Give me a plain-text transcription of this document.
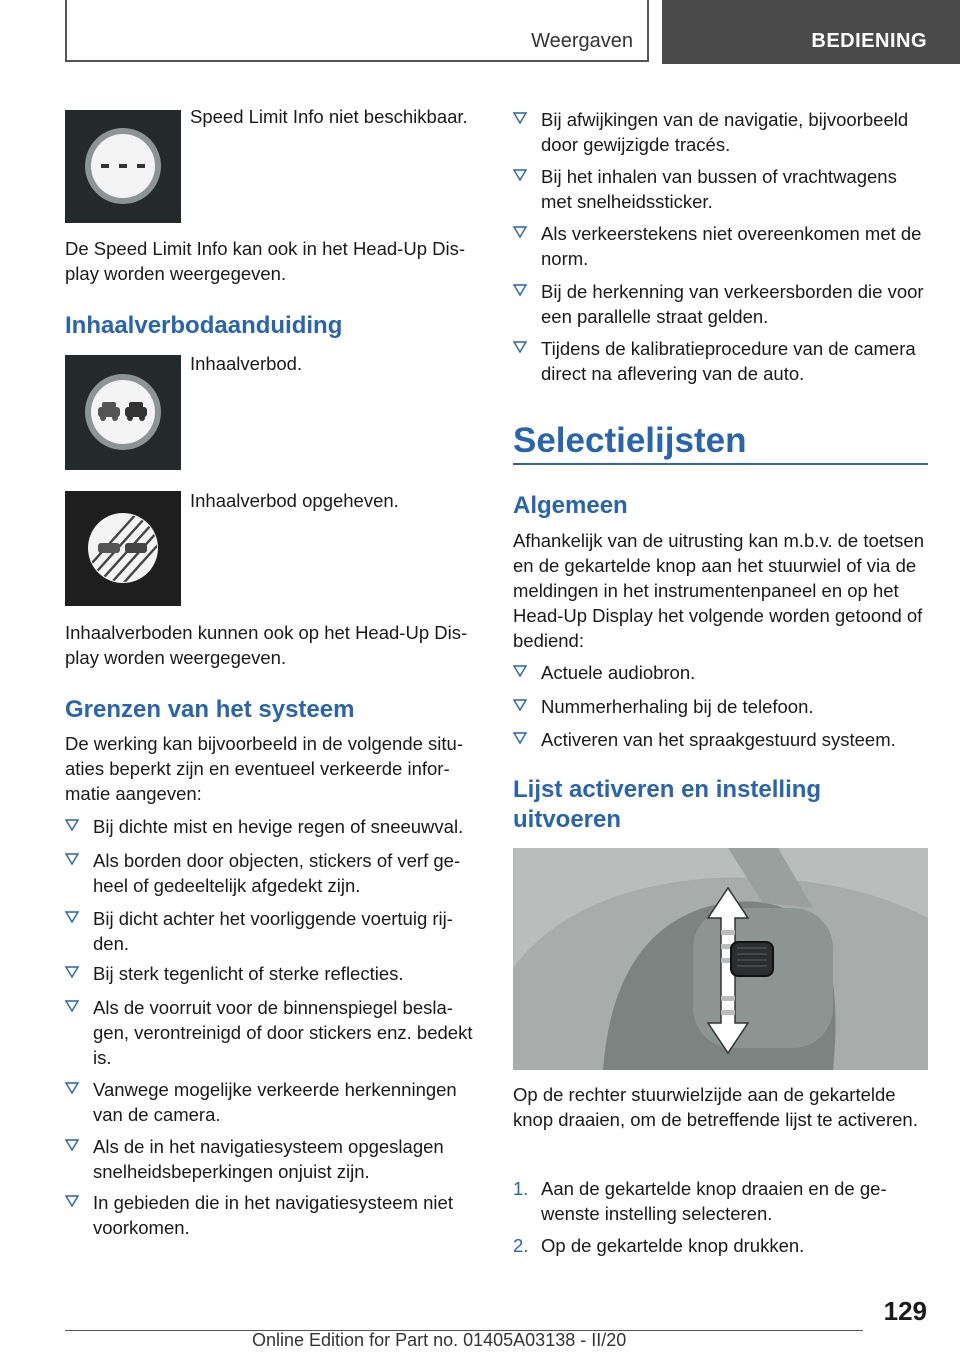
Weergaven	BEDIENING

Speed Limit Info niet beschikbaar.

De Speed Limit Info kan ook in het Head-Up Display worden weergegeven.

Inhaalverbodaanduiding

Inhaalverbod.

Inhaalverbod opgeheven.

Inhaalverboden kunnen ook op het Head-Up Display worden weergegeven.

Grenzen van het systeem

De werking kan bijvoorbeeld in de volgende situaties beperkt zijn en eventueel verkeerde informatie aangeven:

Bij dichte mist en hevige regen of sneeuwval.
Als borden door objecten, stickers of verf geheel of gedeeltelijk afgedekt zijn.
Bij dicht achter het voorliggende voertuig rijden.
Bij sterk tegenlicht of sterke reflecties.
Als de voorruit voor de binnenspiegel beslagen, verontreinigd of door stickers enz. bedekt is.
Vanwege mogelijke verkeerde herkenningen van de camera.
Als de in het navigatiesysteem opgeslagen snelheidsbeperkingen onjuist zijn.
In gebieden die in het navigatiesysteem niet voorkomen.
Bij afwijkingen van de navigatie, bijvoorbeeld door gewijzigde tracés.
Bij het inhalen van bussen of vrachtwagens met snelheidssticker.
Als verkeerstekens niet overeenkomen met de norm.
Bij de herkenning van verkeersborden die voor een parallelle straat gelden.
Tijdens de kalibratieprocedure van de camera direct na aflevering van de auto.
Selectielijsten
Algemeen

Afhankelijk van de uitrusting kan m.b.v. de toetsen en de gekartelde knop aan het stuurwiel of via de meldingen in het instrumentenpaneel en op het Head-Up Display het volgende worden getoond of bediend:

Actuele audiobron.
Nummerherhaling bij de telefoon.
Activeren van het spraakgestuurd systeem.
Lijst activeren en instelling uitvoeren

Op de rechter stuurwielzijde aan de gekartelde knop draaien, om de betreffende lijst te activeren.

1. Aan de gekartelde knop draaien en de gewenste instelling selecteren.
2. Op de gekartelde knop drukken.
129
Online Edition for Part no. 01405A03138 - II/20
